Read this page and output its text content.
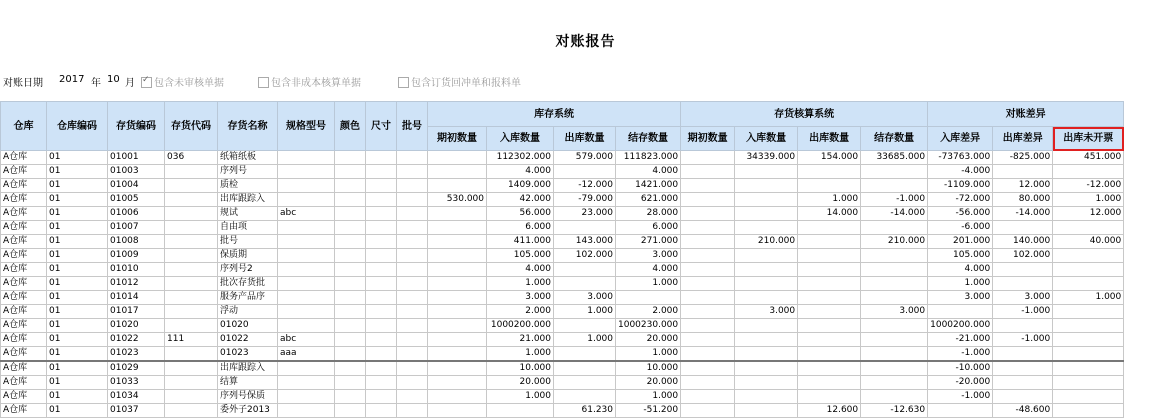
对账报告
对账日期 2017 年 10 月 ✓	包含未审核单据	包含非成本核算单据	包含订货回冲单和报料单
仓库	仓库编码	存货编码	存货代码	存货名称	规格型号	颜色	尺寸	批号	库存系统				存货核算系统				对账差异		
									期初数量	入库数量	出库数量	结存数量	期初数量	入库数量	出库数量	结存数量	入库差异	出库差异	出库未开票
A仓库	01	01001	036	纸箱纸板						112302.000	579.000	111823.000		34339.000	154.000	33685.000	-73763.000	-825.000	451.000
A仓库	01	01003		序列号						4.000		4.000					-4.000		
A仓库	01	01004		质检						1409.000	-12.000	1421.000					-1109.000	12.000	-12.000
A仓库	01	01005		出库跟踪入					530.000	42.000	-79.000	621.000			1.000	-1.000	-72.000	80.000	1.000
A仓库	01	01006		规试	abc					56.000	23.000	28.000			14.000	-14.000	-56.000	-14.000	12.000
A仓库	01	01007		自由项						6.000		6.000					-6.000		
A仓库	01	01008		批号						411.000	143.000	271.000		210.000		210.000	201.000	140.000	40.000
A仓库	01	01009		保质期						105.000	102.000	3.000					105.000	102.000	
A仓库	01	01010		序列号2						4.000		4.000					4.000		
A仓库	01	01012		批次存货批						1.000		1.000					1.000		
A仓库	01	01014		服务产品序						3.000	3.000						3.000	3.000	1.000
A仓库	01	01017		浮动						2.000	1.000	2.000		3.000		3.000		-1.000	
A仓库	01	01020		01020						1000200.000		1000230.000					1000200.000		
A仓库	01	01022	111	01022	abc					21.000	1.000	20.000					-21.000	-1.000	
A仓库	01	01023		01023	aaa					1.000		1.000					-1.000		
A仓库	01	01029		出库跟踪入						10.000		10.000					-10.000		
A仓库	01	01033		结算						20.000		20.000					-20.000		
A仓库	01	01034		序列号保质						1.000		1.000					-1.000		
A仓库	01	01037		委外子2013							61.230	-51.200			12.600	-12.630		-48.600	
